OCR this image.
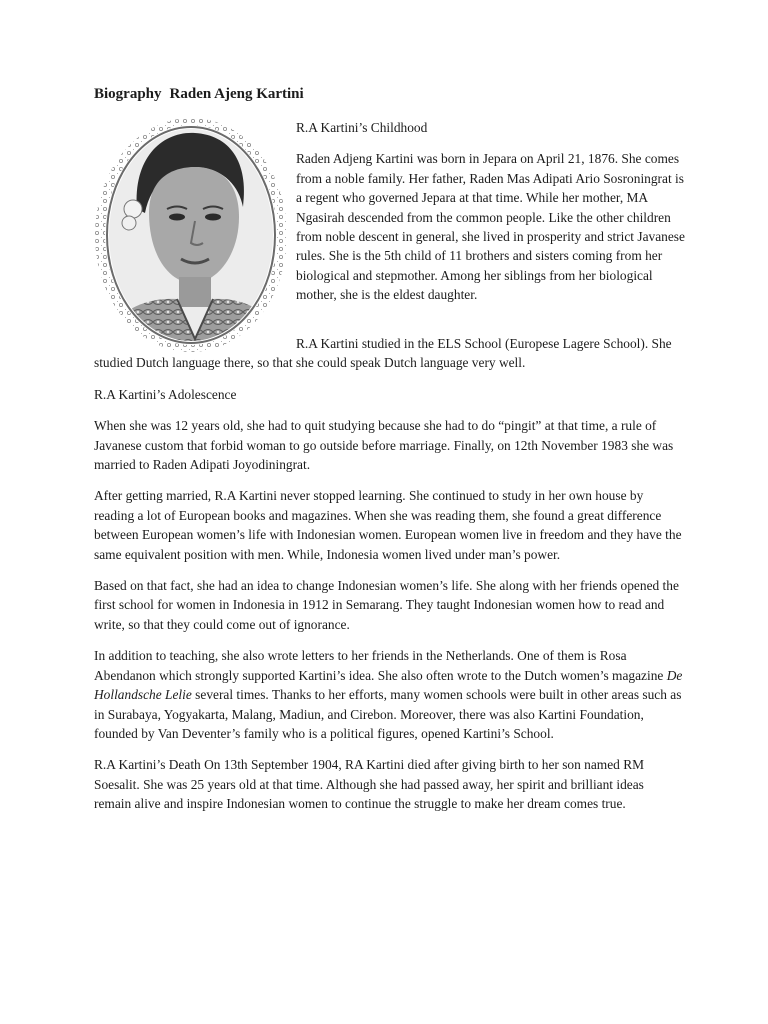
Biography Raden Ajeng Kartini

R.A Kartini’s Childhood

Raden Adjeng Kartini was born in Jepara on April 21, 1876. She comes from a noble family. Her father, Raden Mas Adipati Ario Sosroningrat is a regent who governed Jepara at that time. While her mother, MA Ngasirah descended from the common people. Like the other children from noble descent in general, she lived in prosperity and strict Javanese rules. She is the 5th child of 11 brothers and sisters coming from her biological and stepmother. Among her siblings from her biological mother, she is the eldest daughter.

R.A Kartini studied in the ELS School (Europese Lagere School). She studied Dutch language there, so that she could speak Dutch language very well.

R.A Kartini’s Adolescence

When she was 12 years old, she had to quit studying because she had to do “pingit” at that time, a rule of Javanese custom that forbid woman to go outside before marriage. Finally, on 12th November 1983 she was married to Raden Adipati Joyodiningrat.

After getting married, R.A Kartini never stopped learning. She continued to study in her own house by reading a lot of European books and magazines. When she was reading them, she found a great difference between European women’s life with Indonesian women. European women live in freedom and they have the same equivalent position with men. While, Indonesia women lived under man’s power.

Based on that fact, she had an idea to change Indonesian women’s life. She along with her friends opened the first school for women in Indonesia in 1912 in Semarang. They taught Indonesian women how to read and write, so that they could come out of ignorance.

In addition to teaching, she also wrote letters to her friends in the Netherlands. One of them is Rosa Abendanon which strongly supported Kartini’s idea. She also often wrote to the Dutch women’s magazine De Hollandsche Lelie several times. Thanks to her efforts, many women schools were built in other areas such as in Surabaya, Yogyakarta, Malang, Madiun, and Cirebon. Moreover, there was also Kartini Foundation, founded by Van Deventer’s family who is a political figures, opened Kartini’s School.

R.A Kartini’s Death On 13th September 1904, RA Kartini died after giving birth to her son named RM Soesalit. She was 25 years old at that time. Although she had passed away, her spirit and brilliant ideas remain alive and inspire Indonesian women to continue the struggle to make her dream comes true.
